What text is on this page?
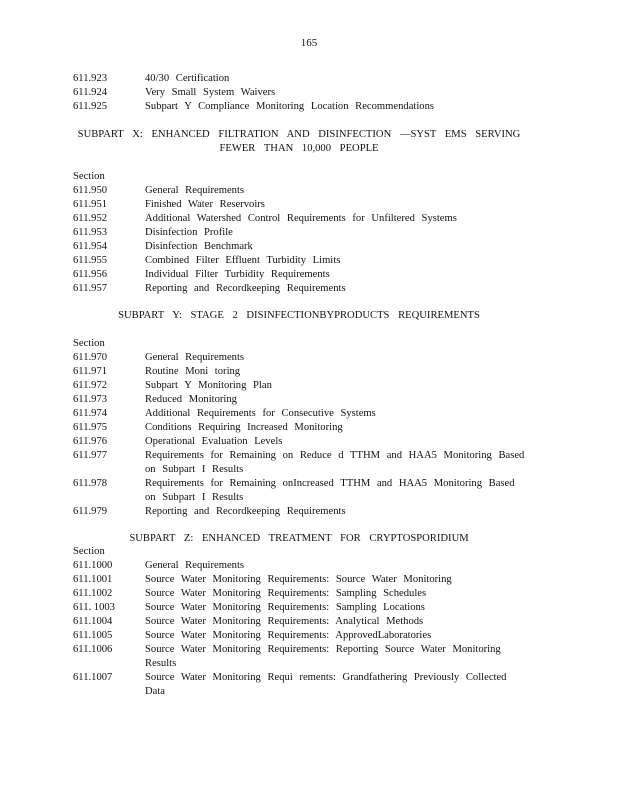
165
611.923	40/30 Certification
611.924	Very Small System Waivers
611.925	Subpart Y Compliance Monitoring Location Recommendations
SUBPART X: ENHANCED FILTRATION AND DISINFECTION —SYST EMS SERVING
FEWER THAN 10,000 PEOPLE
Section
611.950	General Requirements
611.951	Finished Water Reservoirs
611.952	Additional Watershed Control Requirements for Unfiltered Systems
611.953	Disinfection Profile
611.954	Disinfection Benchmark
611.955	Combined Filter Effluent Turbidity Limits
611.956	Individual Filter Turbidity Requirements
611.957	Reporting and Recordkeeping Requirements
SUBPART Y: STAGE 2 DISINFECTIONBYPRODUCTS REQUIREMENTS
Section
611.970	General Requirements
611.971	Routine Moni toring
611.972	Subpart Y Monitoring Plan
611.973	Reduced Monitoring
611.974	Additional Requirements for Consecutive Systems
611.975	Conditions Requiring Increased Monitoring
611.976	Operational Evaluation Levels
611.977	Requirements for Remaining on Reduce d TTHM and HAA5 Monitoring Based on Subpart I Results
611.978	Requirements for Remaining onIncreased TTHM and HAA5 Monitoring Based on Subpart I Results
611.979	Reporting and Recordkeeping Requirements
SUBPART Z: ENHANCED TREATMENT FOR CRYPTOSPORIDIUM
Section
611.1000	General Requirements
611.1001	Source Water Monitoring Requirements: Source Water Monitoring
611.1002	Source Water Monitoring Requirements: Sampling Schedules
611. 1003	Source Water Monitoring Requirements: Sampling Locations
611.1004	Source Water Monitoring Requirements: Analytical Methods
611.1005	Source Water Monitoring Requirements: ApprovedLaboratories
611.1006	Source Water Monitoring Requirements: Reporting Source Water Monitoring Results
611.1007	Source Water Monitoring Requi rements: Grandfathering Previously Collected Data
